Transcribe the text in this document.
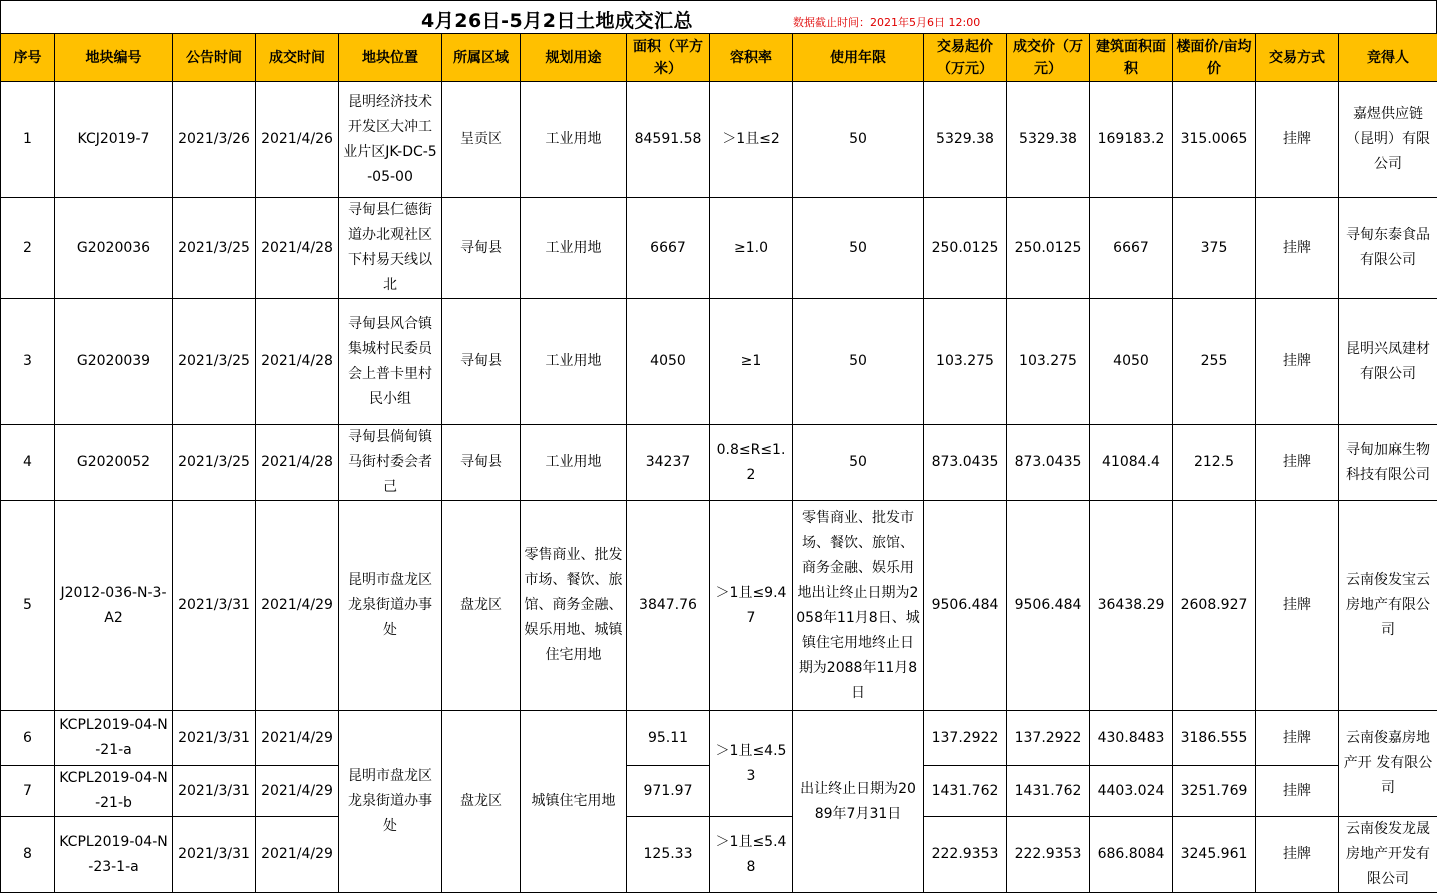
4月26日-5月2日土地成交汇总	数据截止时间：2021年5月6日 12:00
序号	地块编号	公告时间	成交时间	地块位置	所属区域	规划用途	面积（平方米）	容积率	使用年限	交易起价（万元）	成交价（万元）	建筑面积面积	楼面价/亩均价	交易方式	竞得人
1	KCJ2019-7	2021/3/26	2021/4/26	昆明经济技术开发区大冲工业片区JK-DC-5-05-00	呈贡区	工业用地	84591.58	＞1且≤2	50	5329.38	5329.38	169183.2	315.0065	挂牌	嘉煜供应链（昆明）有限公司
2	G2020036	2021/3/25	2021/4/28	寻甸县仁德街道办北观社区下村易天线以北	寻甸县	工业用地	6667	≥1.0	50	250.0125	250.0125	6667	375	挂牌	寻甸东泰食品有限公司
3	G2020039	2021/3/25	2021/4/28	寻甸县风合镇集城村民委员会上普卡里村民小组	寻甸县	工业用地	4050	≥1	50	103.275	103.275	4050	255	挂牌	昆明兴凤建材有限公司
4	G2020052	2021/3/25	2021/4/28	寻甸县倘甸镇马街村委会者己	寻甸县	工业用地	34237	0.8≤R≤1.2	50	873.0435	873.0435	41084.4	212.5	挂牌	寻甸加麻生物科技有限公司
5	J2012-036-N-3-A2	2021/3/31	2021/4/29	昆明市盘龙区龙泉街道办事处	盘龙区	零售商业、批发市场、餐饮、旅馆、商务金融、娱乐用地、城镇住宅用地	3847.76	＞1且≤9.47	零售商业、批发市场、餐饮、旅馆、商务金融、娱乐用地出让终止日期为2058年11月8日、城镇住宅用地终止日期为2088年11月8日	9506.484	9506.484	36438.29	2608.927	挂牌	云南俊发宝云房地产有限公司
6	KCPL2019-04-N-21-a	2021/3/31	2021/4/29	昆明市盘龙区龙泉街道办事处	盘龙区	城镇住宅用地	95.11	＞1且≤4.53	出让终止日期为2089年7月31日	137.2922	137.2922	430.8483	3186.555	挂牌	云南俊嘉房地产开 发有限公司
7	KCPL2019-04-N-21-b	2021/3/31	2021/4/29				971.97			1431.762	1431.762	4403.024	3251.769	挂牌	
8	KCPL2019-04-N-23-1-a	2021/3/31	2021/4/29				125.33	＞1且≤5.48		222.9353	222.9353	686.8084	3245.961	挂牌	云南俊发龙晟房地产开发有限公司
